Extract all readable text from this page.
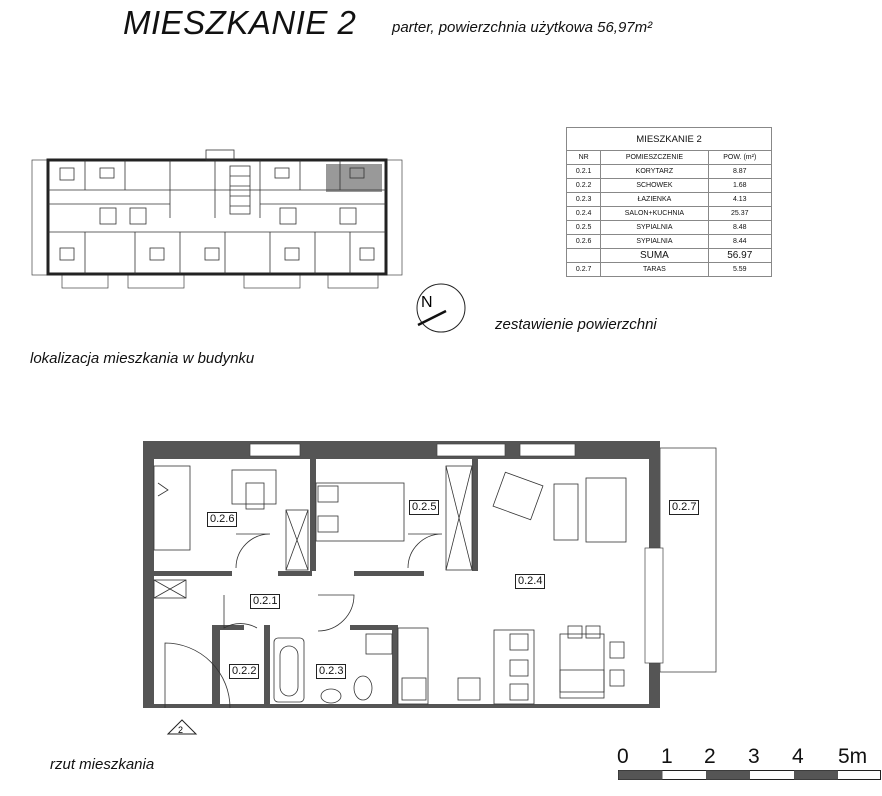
MIESZKANIE 2 parter, powierzchnia użytkowa 56,97m²
N
MIESZKANIE 2		
NR	POMIESZCZENIE	POW. (m²)
0.2.1	KORYTARZ	8.87
0.2.2	SCHOWEK	1.68
0.2.3	ŁAZIENKA	4.13
0.2.4	SALON+KUCHNIA	25.37
0.2.5	SYPIALNIA	8.48
0.2.6	SYPIALNIA	8.44
	SUMA	56.97
0.2.7	TARAS	5.59
zestawienie powierzchni
lokalizacja mieszkania w budynku
2
0.2.6
0.2.5	0.2.7
0.2.4
0.2.1
0.2.2	0.2.3
rzut mieszkania	0 1 2 3 4 5m
